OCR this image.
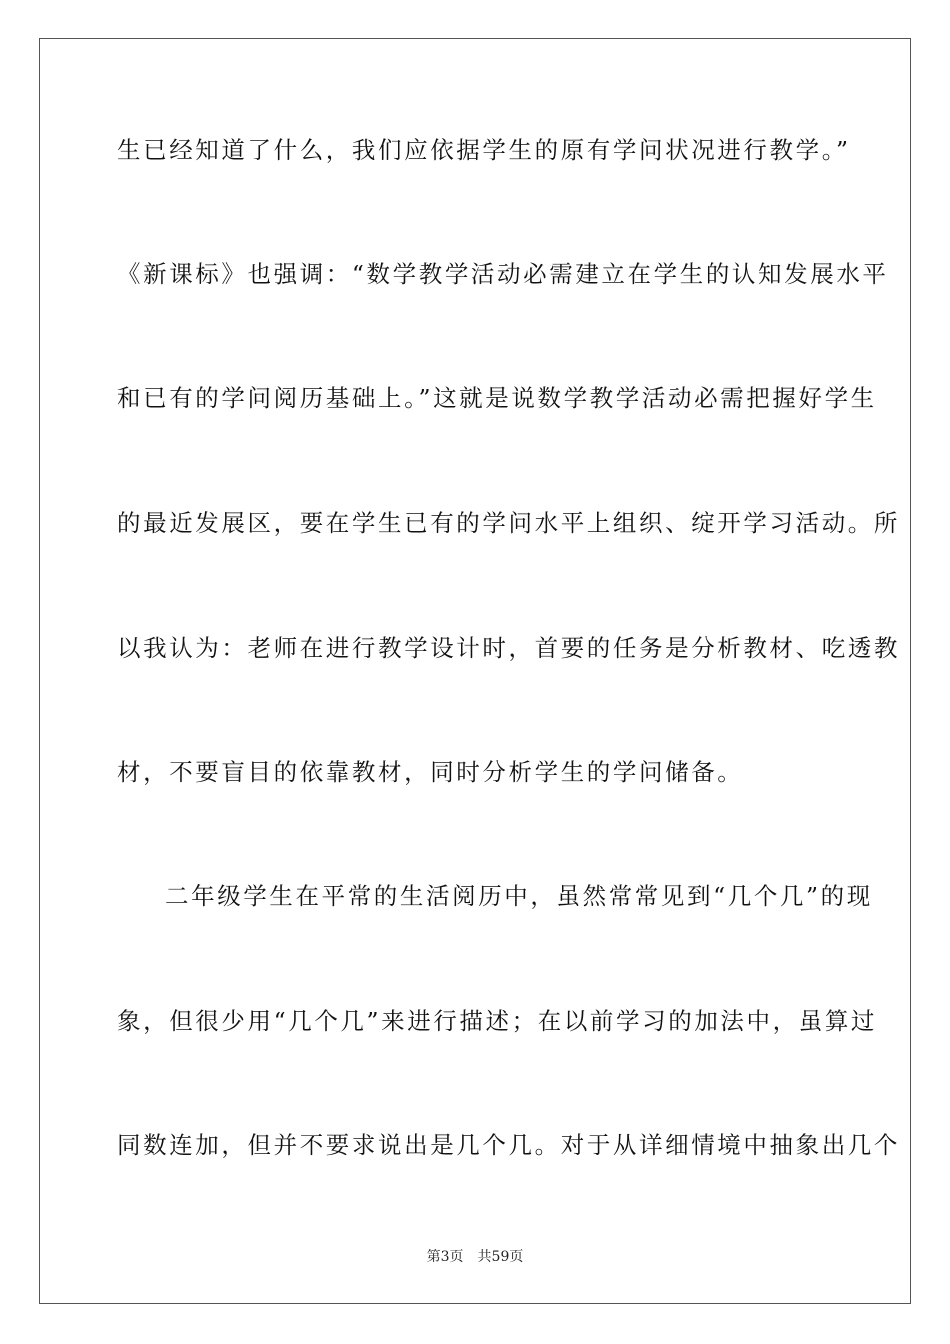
生已经知道了什么，我们应依据学生的原有学问状况进行教学。”
《新课标》也强调：“数学教学活动必需建立在学生的认知发展水平
和已有的学问阅历基础上。”这就是说数学教学活动必需把握好学生
的最近发展区，要在学生已有的学问水平上组织、绽开学习活动。所
以我认为：老师在进行教学设计时，首要的任务是分析教材、吃透教
材，不要盲目的依靠教材，同时分析学生的学问储备。
二年级学生在平常的生活阅历中，虽然常常见到“几个几”的现
象，但很少用“几个几”来进行描述；在以前学习的加法中，虽算过
同数连加，但并不要求说出是几个几。对于从详细情境中抽象出几个
第3页 共59页
